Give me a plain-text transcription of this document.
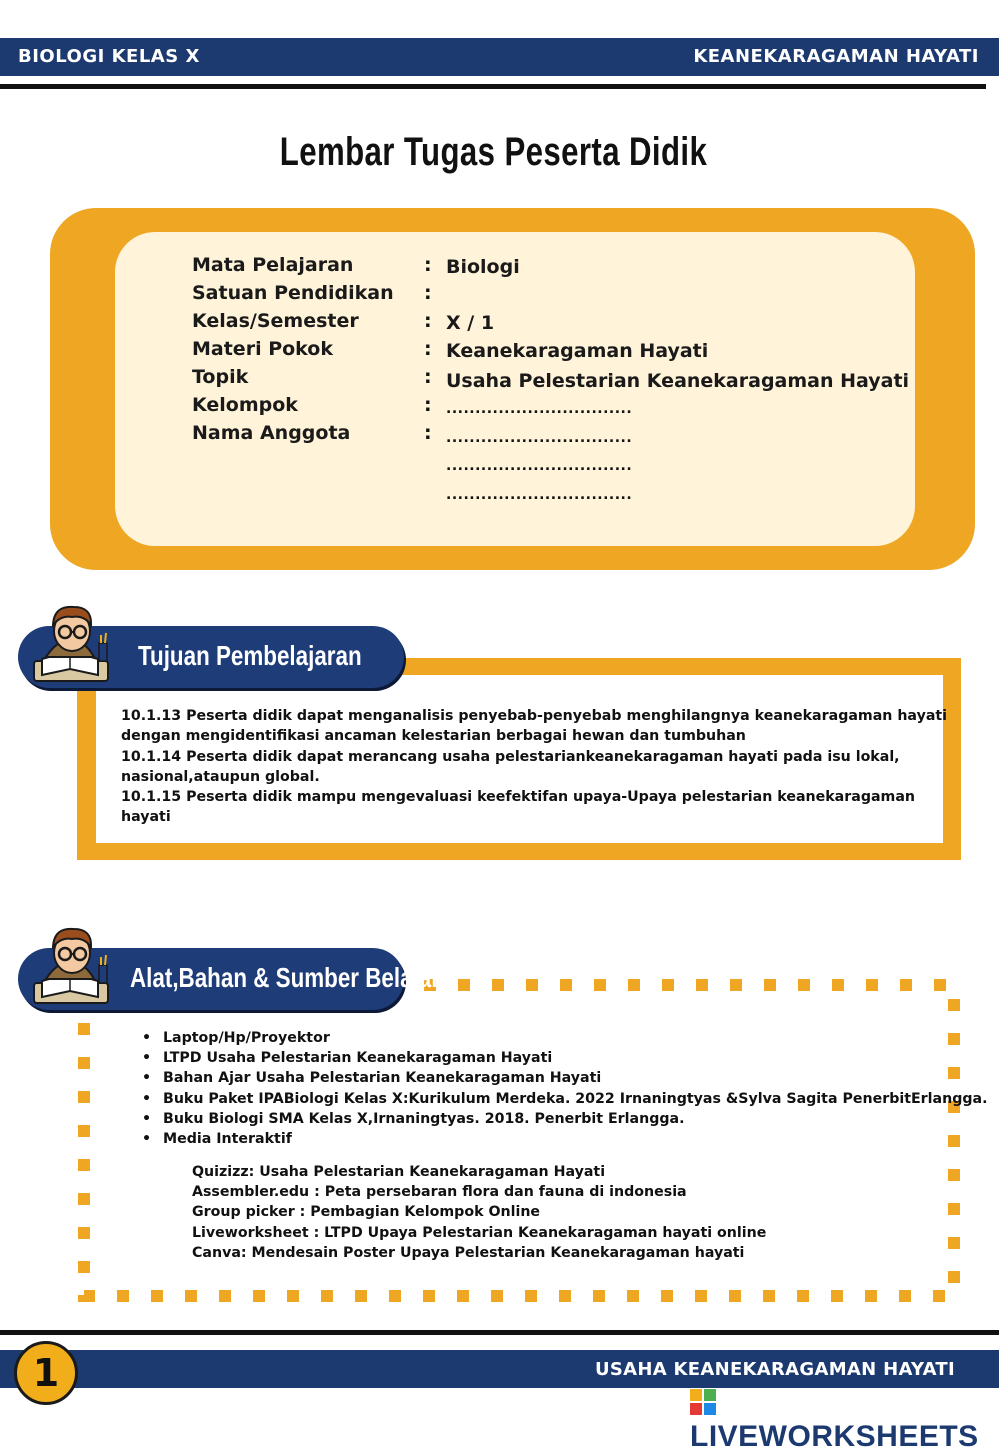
BIOLOGI KELAS X	KEANEKARAGAMAN HAYATI
Lembar Tugas Peserta Didik
Mata Pelajaran
Satuan Pendidikan
Kelas/Semester
Materi Pokok
Topik
Kelompok
Nama Anggota
:
:
:
:
:
:
:
Biologi
X / 1
Keanekaragaman Hayati
Usaha Pelestarian Keanekaragaman Hayati
................................
................................
................................
................................
Tujuan Pembelajaran
10.1.13 Peserta didik dapat menganalisis penyebab-penyebab menghilangnya keanekaragaman hayati
dengan mengidentifikasi ancaman kelestarian berbagai hewan dan tumbuhan
10.1.14 Peserta didik dapat merancang usaha pelestariankeanekaragaman hayati pada isu lokal,
nasional,ataupun global.
10.1.15 Peserta didik mampu mengevaluasi keefektifan upaya-Upaya pelestarian keanekaragaman
hayati
Alat,Bahan & Sumber Belajar
• Laptop/Hp/Proyektor
• LTPD Usaha Pelestarian Keanekaragaman Hayati
• Bahan Ajar Usaha Pelestarian Keanekaragaman Hayati
• Buku Paket IPABiologi Kelas X:Kurikulum Merdeka. 2022 Irnaningtyas &Sylva Sagita PenerbitErlangga.
• Buku Biologi SMA Kelas X,Irnaningtyas. 2018. Penerbit Erlangga.
• Media Interaktif
Quizizz: Usaha Pelestarian Keanekaragaman Hayati
Assembler.edu : Peta persebaran flora dan fauna di indonesia
Group picker : Pembagian Kelompok Online
Liveworksheet : LTPD Upaya Pelestarian Keanekaragaman hayati online
Canva: Mendesain Poster Upaya Pelestarian Keanekaragaman hayati
1	USAHA KEANEKARAGAMAN HAYATI
LIVEWORKSHEETS
